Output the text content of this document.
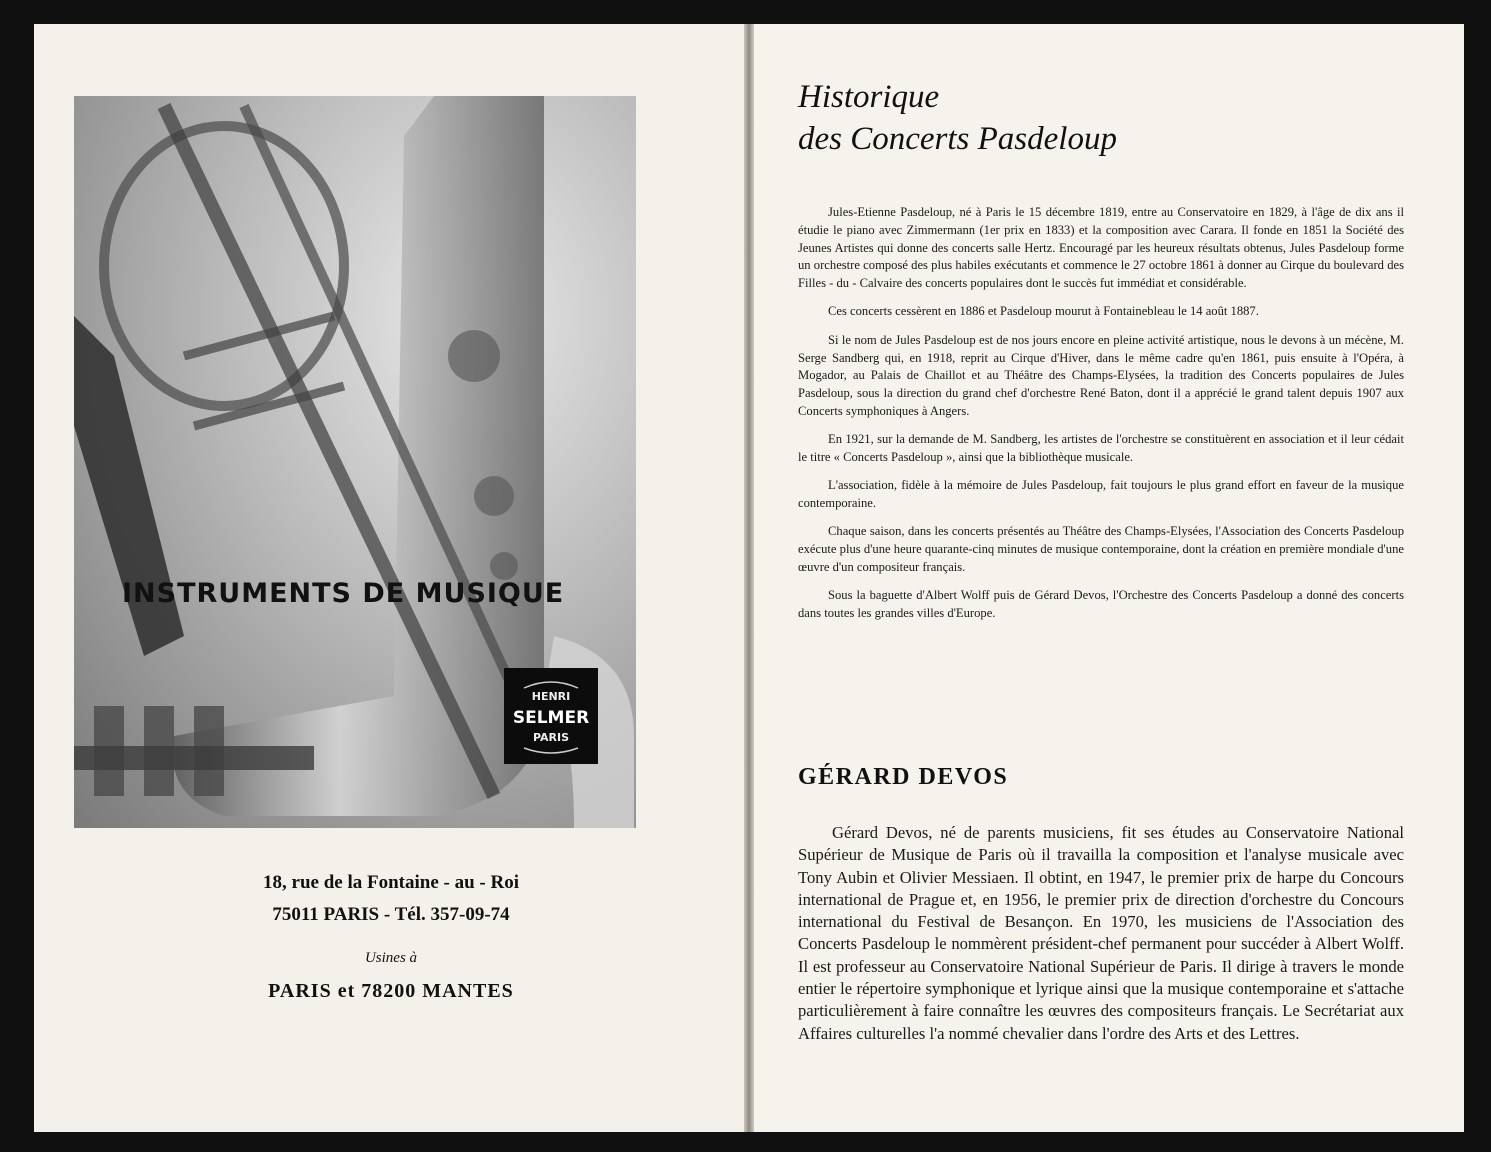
INSTRUMENTS DE MUSIQUE
HENRI
SELMER
PARIS
18, rue de la Fontaine - au - Roi
75011 PARIS - Tél. 357-09-74
Usines à
PARIS et 78200 MANTES
Historique
des Concerts Pasdeloup

Jules-Etienne Pasdeloup, né à Paris le 15 décembre 1819, entre au Conservatoire en 1829, à l'âge de dix ans il étudie le piano avec Zimmermann (1er prix en 1833) et la composition avec Carara. Il fonde en 1851 la Société des Jeunes Artistes qui donne des concerts salle Hertz. Encouragé par les heureux résultats obtenus, Jules Pasdeloup forme un orchestre composé des plus habiles exécutants et commence le 27 octobre 1861 à donner au Cirque du boulevard des Filles - du - Calvaire des concerts populaires dont le succès fut immédiat et considérable.

Ces concerts cessèrent en 1886 et Pasdeloup mourut à Fontainebleau le 14 août 1887.

Si le nom de Jules Pasdeloup est de nos jours encore en pleine activité artistique, nous le devons à un mécène, M. Serge Sandberg qui, en 1918, reprit au Cirque d'Hiver, dans le même cadre qu'en 1861, puis ensuite à l'Opéra, à Mogador, au Palais de Chaillot et au Théâtre des Champs-Elysées, la tradition des Concerts populaires de Jules Pasdeloup, sous la direction du grand chef d'orchestre René Baton, dont il a apprécié le grand talent depuis 1907 aux Concerts symphoniques à Angers.

En 1921, sur la demande de M. Sandberg, les artistes de l'orchestre se constituèrent en association et il leur cédait le titre « Concerts Pasdeloup », ainsi que la bibliothèque musicale.

L'association, fidèle à la mémoire de Jules Pasdeloup, fait toujours le plus grand effort en faveur de la musique contemporaine.

Chaque saison, dans les concerts présentés au Théâtre des Champs-Elysées, l'Association des Concerts Pasdeloup exécute plus d'une heure quarante-cinq minutes de musique contemporaine, dont la création en première mondiale d'une œuvre d'un compositeur français.

Sous la baguette d'Albert Wolff puis de Gérard Devos, l'Orchestre des Concerts Pasdeloup a donné des concerts dans toutes les grandes villes d'Europe.

GÉRARD DEVOS

Gérard Devos, né de parents musiciens, fit ses études au Conservatoire National Supérieur de Musique de Paris où il travailla la composition et l'analyse musicale avec Tony Aubin et Olivier Messiaen. Il obtint, en 1947, le premier prix de harpe du Concours international de Prague et, en 1956, le premier prix de direction d'orchestre du Concours international du Festival de Besançon. En 1970, les musiciens de l'Association des Concerts Pasdeloup le nommèrent président-chef permanent pour succéder à Albert Wolff. Il est professeur au Conservatoire National Supérieur de Paris. Il dirige à travers le monde entier le répertoire symphonique et lyrique ainsi que la musique contemporaine et s'attache particulièrement à faire connaître les œuvres des compositeurs français. Le Secrétariat aux Affaires culturelles l'a nommé chevalier dans l'ordre des Arts et des Lettres.
